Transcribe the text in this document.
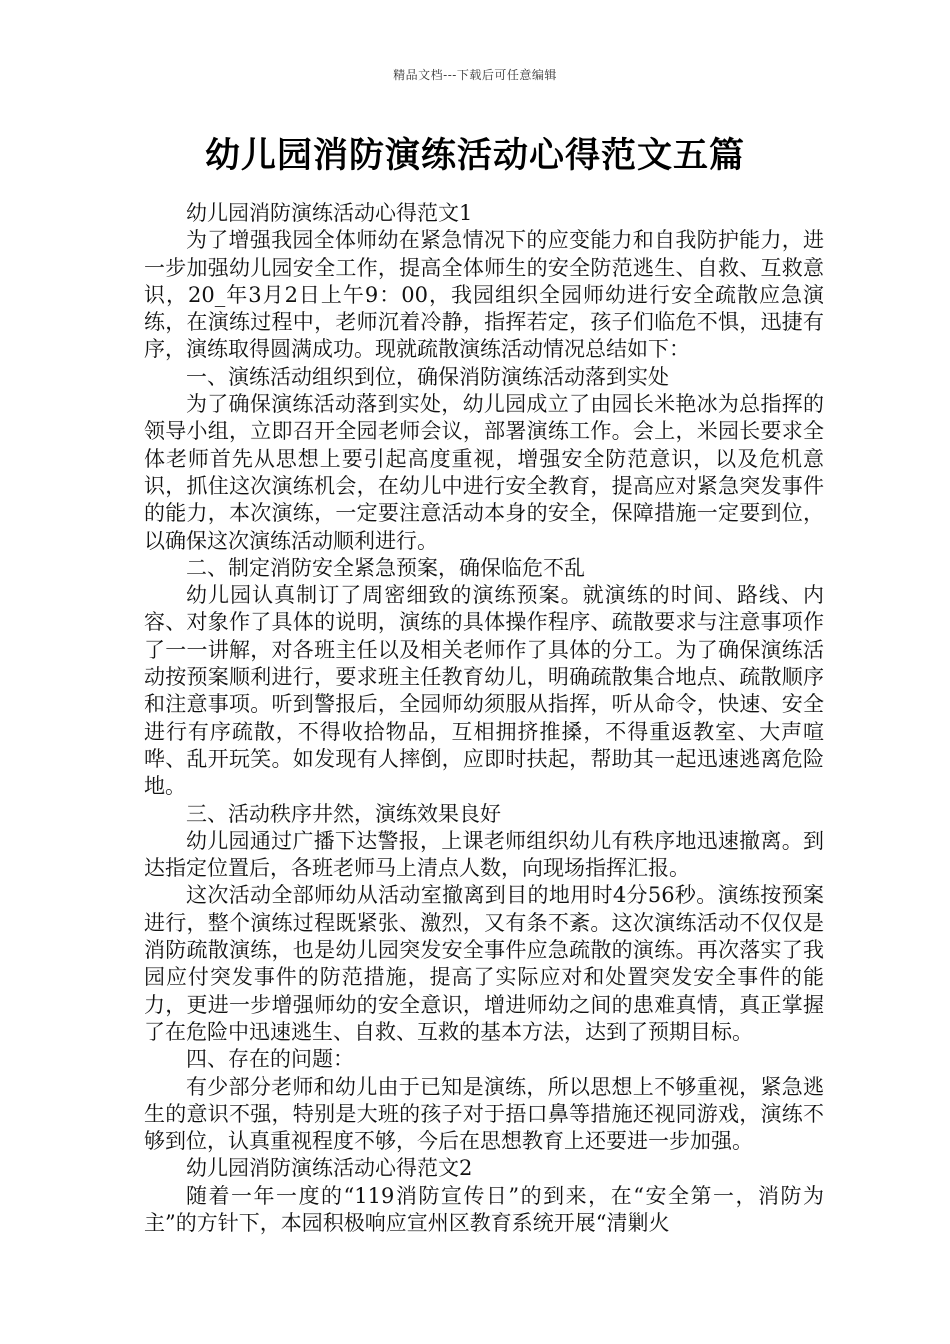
精品文档---下载后可任意编辑
幼儿园消防演练活动心得范文五篇

幼儿园消防演练活动心得范文1

为了增强我园全体师幼在紧急情况下的应变能力和自我防护能力，进一步加强幼儿园安全工作，提高全体师生的安全防范逃生、自救、互救意识，20_年3月2日上午9：00，我园组织全园师幼进行安全疏散应急演练，在演练过程中，老师沉着冷静，指挥若定，孩子们临危不惧，迅捷有序，演练取得圆满成功。现就疏散演练活动情况总结如下：

一、演练活动组织到位，确保消防演练活动落到实处

为了确保演练活动落到实处，幼儿园成立了由园长米艳冰为总指挥的领导小组，立即召开全园老师会议，部署演练工作。会上，米园长要求全体老师首先从思想上要引起高度重视，增强安全防范意识，以及危机意识，抓住这次演练机会，在幼儿中进行安全教育，提高应对紧急突发事件的能力，本次演练，一定要注意活动本身的安全，保障措施一定要到位，以确保这次演练活动顺利进行。

二、制定消防安全紧急预案，确保临危不乱

幼儿园认真制订了周密细致的演练预案。就演练的时间、路线、内容、对象作了具体的说明，演练的具体操作程序、疏散要求与注意事项作了一一讲解，对各班主任以及相关老师作了具体的分工。为了确保演练活动按预案顺利进行，要求班主任教育幼儿，明确疏散集合地点、疏散顺序和注意事项。听到警报后，全园师幼须服从指挥，听从命令，快速、安全进行有序疏散，不得收拾物品，互相拥挤推搡，不得重返教室、大声喧哗、乱开玩笑。如发现有人摔倒，应即时扶起，帮助其一起迅速逃离危险地。

三、活动秩序井然，演练效果良好

幼儿园通过广播下达警报，上课老师组织幼儿有秩序地迅速撤离。到达指定位置后，各班老师马上清点人数，向现场指挥汇报。

这次活动全部师幼从活动室撤离到目的地用时4分56秒。演练按预案进行，整个演练过程既紧张、激烈，又有条不紊。这次演练活动不仅仅是消防疏散演练，也是幼儿园突发安全事件应急疏散的演练。再次落实了我园应付突发事件的防范措施，提高了实际应对和处置突发安全事件的能力，更进一步增强师幼的安全意识，增进师幼之间的患难真情，真正掌握了在危险中迅速逃生、自救、互救的基本方法，达到了预期目标。

四、存在的问题：

有少部分老师和幼儿由于已知是演练，所以思想上不够重视，紧急逃生的意识不强，特别是大班的孩子对于捂口鼻等措施还视同游戏，演练不够到位，认真重视程度不够，今后在思想教育上还要进一步加强。

幼儿园消防演练活动心得范文2

随着一年一度的“119消防宣传日”的到来，在“安全第一，消防为主”的方针下，本园积极响应宣州区教育系统开展“清剿火
